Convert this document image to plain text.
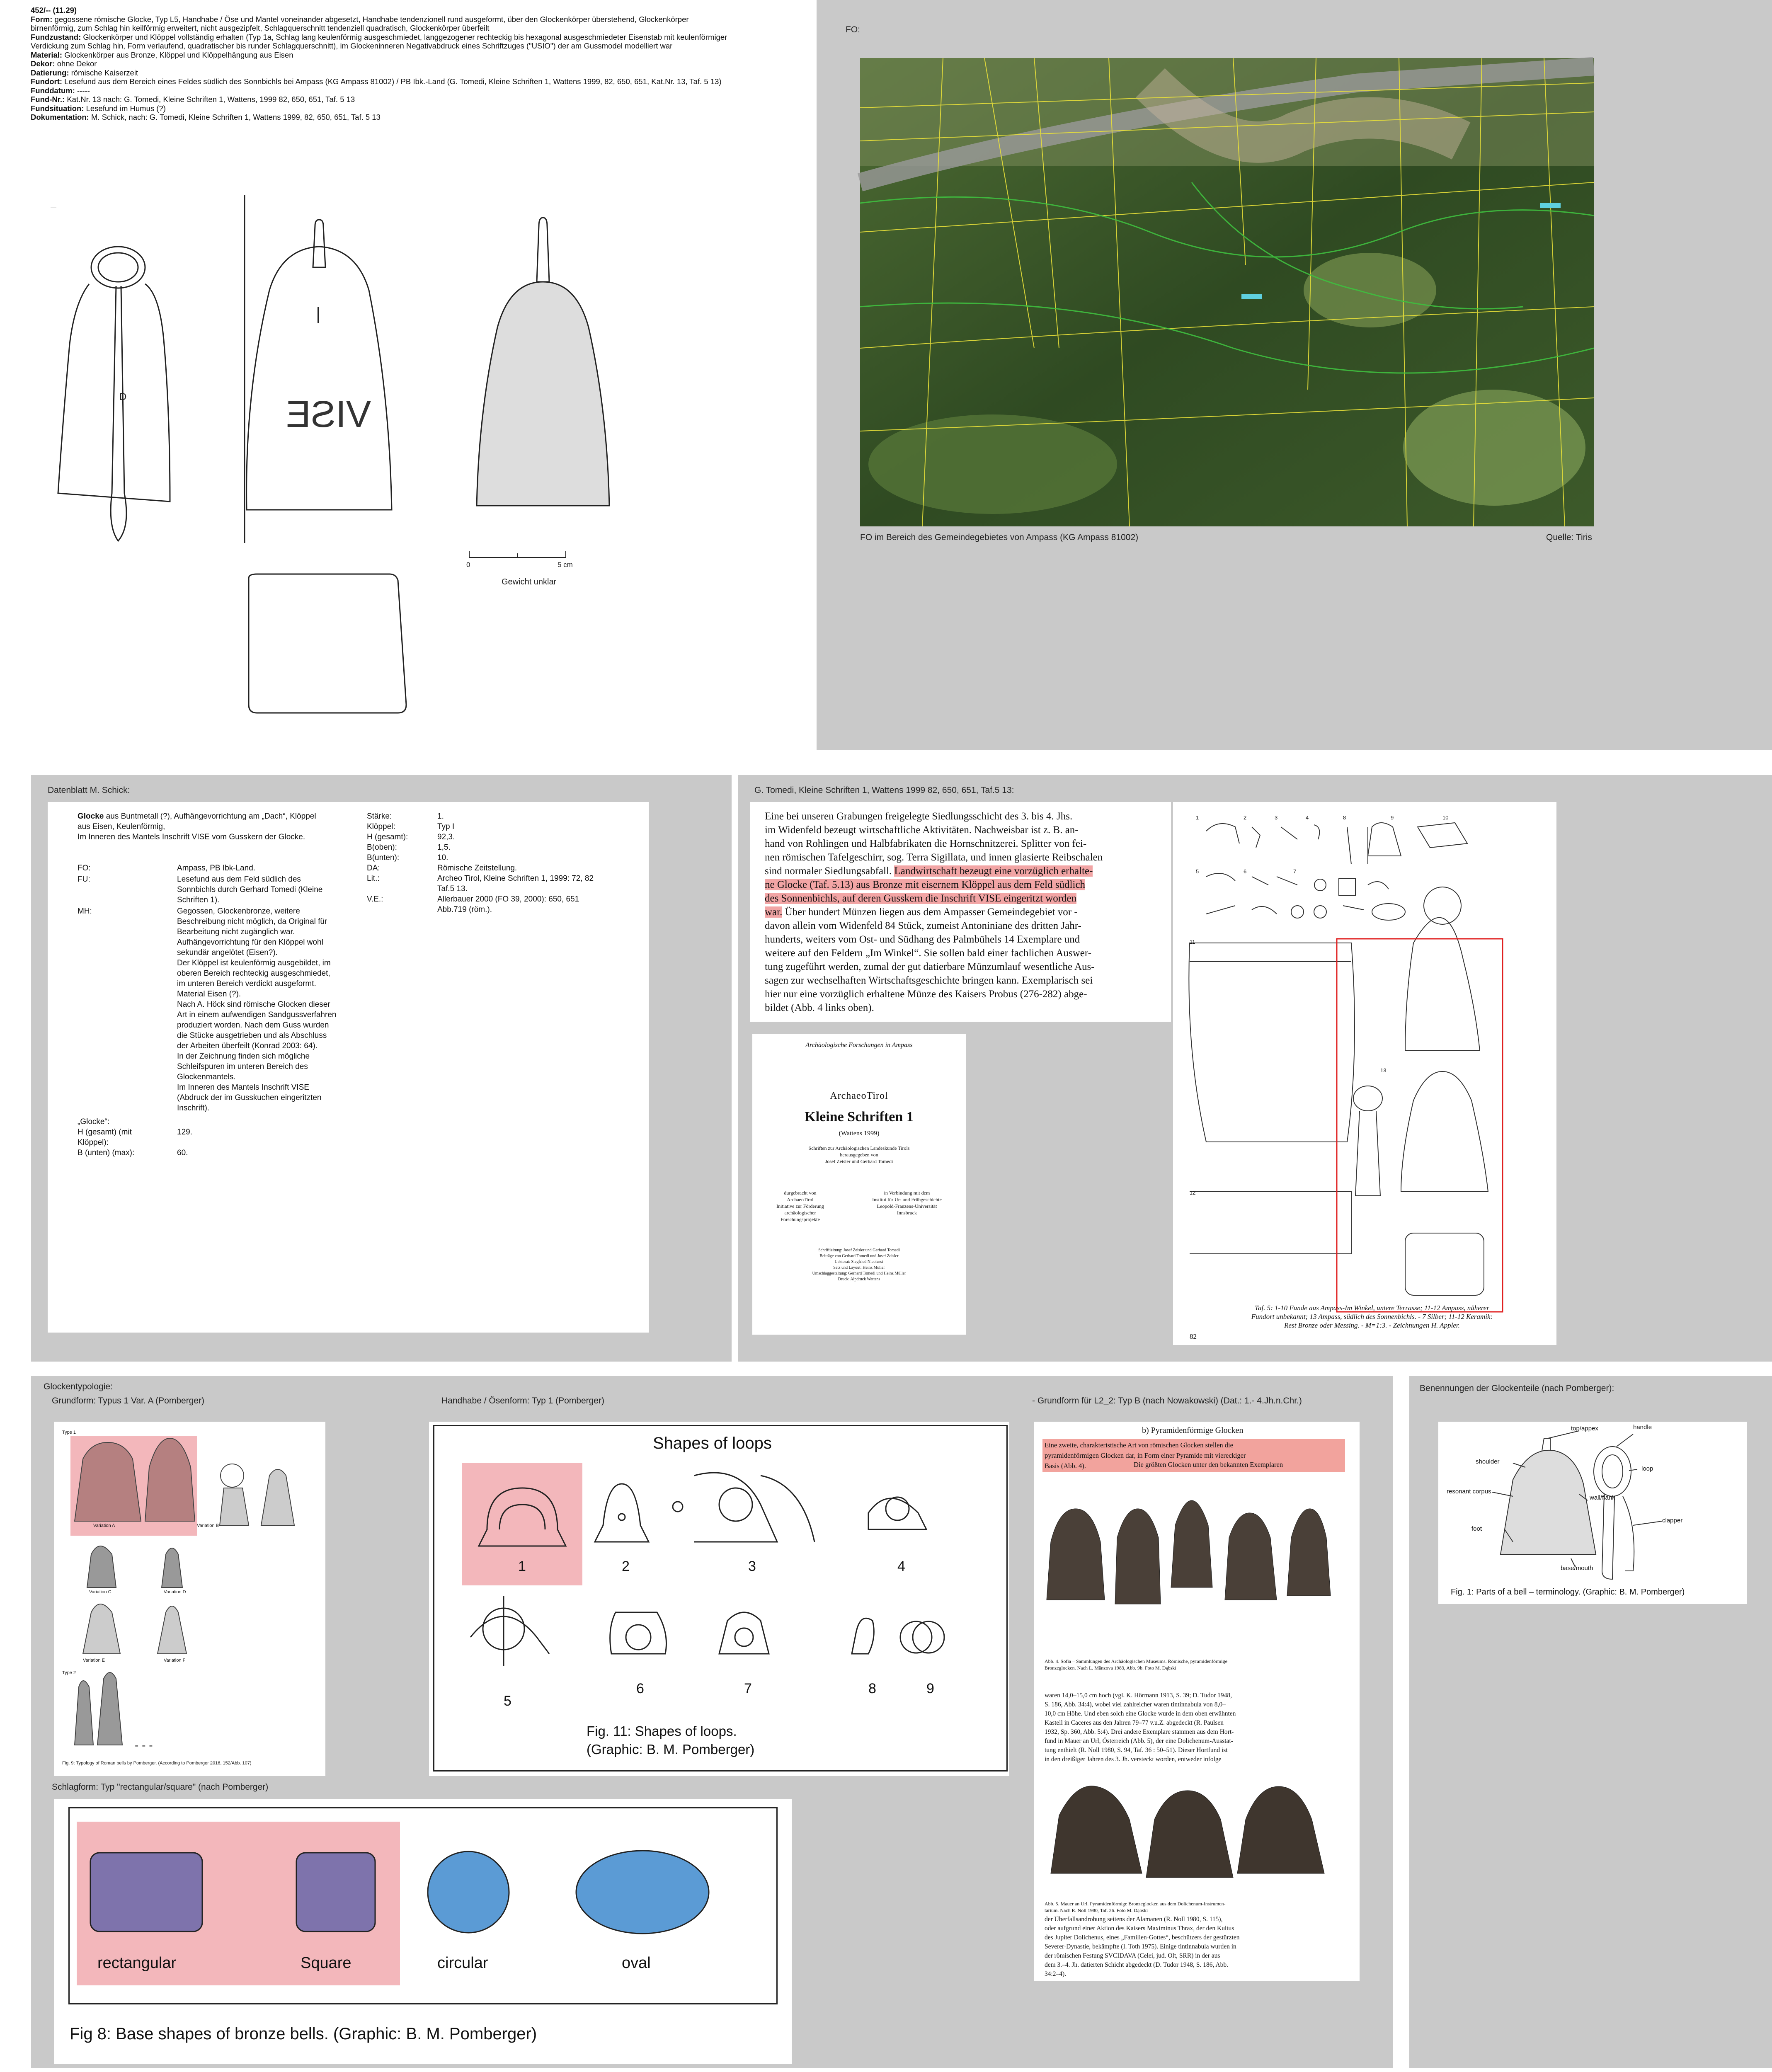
452/-- (11.29)
Form: gegossene römische Glocke, Typ L5, Handhabe / Öse und Mantel voneinander abgesetzt, Handhabe tendenzionell rund ausgeformt, über den Glockenkörper überstehend, Glockenkörper birnenförmig, zum Schlag hin keilförmig erweitert, nicht ausgezipfelt, Schlagquerschnitt tendenziell quadratisch, Glockenkörper überfeilt
Fundzustand: Glockenkörper und Klöppel vollständig erhalten (Typ 1a, Schlag lang keulenförmig ausgeschmiedet, langgezogener rechteckig bis hexagonal ausgeschmiedeter Eisenstab mit keulenförmiger Verdickung zum Schlag hin, Form verlaufend, quadratischer bis runder Schlagquerschnitt), im Glockeninneren Negativabdruck eines Schriftzuges ("USIO") der am Gussmodel modelliert war
Material: Glockenkörper aus Bronze, Klöppel und Klöppelhängung aus Eisen
Dekor: ohne Dekor
Datierung: römische Kaiserzeit
Fundort: Lesefund aus dem Bereich eines Feldes südlich des Sonnbichls bei Ampass (KG Ampass 81002) / PB Ibk.-Land (G. Tomedi, Kleine Schriften 1, Wattens 1999, 82, 650, 651, Kat.Nr. 13, Taf. 5 13)
Funddatum: -----
Fund-Nr.: Kat.Nr. 13 nach: G. Tomedi, Kleine Schriften 1, Wattens, 1999 82, 650, 651, Taf. 5 13
Fundsituation: Lesefund im Humus (?)
Dokumentation: M. Schick, nach: G. Tomedi, Kleine Schriften 1, Wattens 1999, 82, 650, 651, Taf. 5 13
—
D	VISE
0	5 cm
Gewicht unklar
FO:
FO im Bereich des Gemeindegebietes von Ampass (KG Ampass 81002)	Quelle: Tiris
Datenblatt M. Schick:
Glocke aus Buntmetall (?), Aufhängevorrichtung am „Dach“, Klöppel
aus Eisen, Keulenförmig,
Im Inneren des Mantels Inschrift VISE vom Gusskern der Glocke.
FO:	Ampass, PB Ibk-Land.
FU:	Lesefund aus dem Feld südlich des
Sonnbichls durch Gerhard Tomedi (Kleine
Schriften 1).
MH:	Gegossen, Glockenbronze, weitere
Beschreibung nicht möglich, da Original für
Bearbeitung nicht zugänglich war.
Aufhängevorrichtung für den Klöppel wohl
sekundär angelötet (Eisen?).
Der Klöppel ist keulenförmig ausgebildet, im
oberen Bereich rechteckig ausgeschmiedet,
im unteren Bereich verdickt ausgeformt.
Material Eisen (?).
Nach A. Höck sind römische Glocken dieser
Art in einem aufwendigen Sandgussverfahren
produziert worden. Nach dem Guss wurden
die Stücke ausgetrieben und als Abschluss
der Arbeiten überfeilt (Konrad 2003: 64).
In der Zeichnung finden sich mögliche
Schleifspuren im unteren Bereich des
Glockenmantels.
Im Inneren des Mantels Inschrift VISE
(Abdruck der im Gusskuchen eingeritzten
Inschrift).
„Glocke“:
H (gesamt) (mit	129.
Klöppel):
B (unten) (max):	60.
Stärke:	1.
Klöppel:	Typ I
H (gesamt):	92,3.
B(oben):	1,5.
B(unten):	10.
DA:	Römische Zeitstellung.
Lit.:	Archeo Tirol, Kleine Schriften 1, 1999: 72, 82
Taf.5 13.
V.E.:	Allerbauer 2000 (FO 39, 2000): 650, 651
Abb.719 (röm.).
G. Tomedi, Kleine Schriften 1, Wattens 1999 82, 650, 651, Taf.5 13:
Eine bei unseren Grabungen freigelegte Siedlungsschicht des 3. bis 4. Jhs.
im Widenfeld bezeugt wirtschaftliche Aktivitäten. Nachweisbar ist z. B. an-
hand von Rohlingen und Halbfabrikaten die Hornschnitzerei. Splitter von fei-
nen römischen Tafelgeschirr, sog. Terra Sigillata, und innen glasierte Reibschalen
sind normaler Siedlungsabfall. Landwirtschaft bezeugt eine vorzüglich erhalte-
ne Glocke (Taf. 5.13) aus Bronze mit eisernem Klöppel aus dem Feld südlich
des Sonnenbichls, auf deren Gusskern die Inschrift VISE eingeritzt worden
war. Über hundert Münzen liegen aus dem Ampasser Gemeindegebiet vor -
davon allein vom Widenfeld 84 Stück, zumeist Antoniniane des dritten Jahr-
hunderts, weiters vom Ost- und Südhang des Palmbühels 14 Exemplare und
weitere auf den Feldern „Im Winkel“. Sie sollen bald einer fachlichen Auswer-
tung zugeführt werden, zumal der gut datierbare Münzumlauf wesentliche Aus-
sagen zur wechselhaften Wirtschaftsgeschichte bringen kann. Exemplarisch sei
hier nur eine vorzüglich erhaltene Münze des Kaisers Probus (276-282) abge-
bildet (Abb. 4 links oben).
Archäologische Forschungen in Ampass
ArchaeoTirol
Kleine Schriften 1
(Wattens 1999)
Schriften zur Archäologischen Landeskunde Tirols
herausgegeben von
Josef Zeisler und Gerhard Tomedi
durgebracht von
ArchaeoTirol
Initiative zur Förderung
archäologischer
Forschungsprojekte
in Verbindung mit dem
Institut für Ur- und Frühgeschichte
Leopold-Franzens-Universität
Innsbruck
Schriftleitung: Josef Zeisler und Gerhard Tomedi
Beiträge von Gerhard Tomedi und Josef Zeisler
Lektorat: Siegfried Nicolussi
Satz und Layout: Heinz Müller
Umschlaggestaltung: Gerhard Tomedi und Heinz Müller
Druck: Alpdruck Wattens
Taf. 5: 1-10 Funde aus Ampass-Im Winkel, untere Terrasse; 11-12 Ampass, näherer
Fundort unbekannt; 13 Ampass, südlich des Sonnenbichls. - 7 Silber; 11-12 Keramik:
Rest Bronze oder Messing. - M=1:3. - Zeichnungen H. Appler.
82
1	2	3	4
5	6	7
8	9	10
11
12
13
Glockentypologie:
Grundform: Typus 1 Var. A (Pomberger)
- - -
Fig. 9: Typology of Roman bells by Pomberger. (According to Pomberger 2016, 152/Abb. 107)
Type 1
Variation A	Variation B
Variation C	Variation D
Variation E	Variation F
Type 2
Handhabe / Ösenform: Typ 1 (Pomberger)
Shapes of loops
Fig. 11: Shapes of loops.
(Graphic: B. M. Pomberger)
1	2	3	4
5
6	7	8	9
Schlagform: Typ "rectangular/square" (nach Pomberger)
rectangular	Square	circular	oval
Fig 8: Base shapes of bronze bells. (Graphic: B. M. Pomberger)
- Grundform für L2_2: Typ B (nach Nowakowski) (Dat.: 1.- 4.Jh.n.Chr.)
b) Pyramidenförmige Glocken
Eine zweite, charakteristische Art von römischen Glocken stellen die
pyramidenförmigen Glocken dar, in Form einer Pyramide mit viereckiger
Basis (Abb. 4).	Die größten Glocken unter den bekannten Exemplaren
Abb. 4. Sofia – Sammlungen des Archäologischen Museums. Römische, pyramidenförmige
Bronzeglocken. Nach L. Mănzova 1983, Abb. 9b. Foto M. Dąbski
waren 14,0–15,0 cm hoch (vgl. K. Hörmann 1913, S. 39; D. Tudor 1948,
S. 186, Abb. 34:4), wobei viel zahlreicher waren tintinnabula von 8,0–
10,0 cm Höhe. Und eben solch eine Glocke wurde in dem oben erwähnten
Kastell in Caceres aus den Jahren 79–77 v.u.Z. abgedeckt (R. Paulsen
1932, Sp. 360, Abb. 5:4). Drei andere Exemplare stammen aus dem Hort-
fund in Mauer an Url, Österreich (Abb. 5), der eine Dolichenum-Ausstat-
tung enthielt (R. Noll 1980, S. 94, Taf. 36 : 50–51). Dieser Hortfund ist
in den dreißiger Jahren des 3. Jh. versteckt worden, entweder infolge
Abb. 5. Mauer an Url. Pyramidenförmige Bronzeglocken aus dem Dolichenum-Instrumen-
tarium. Nach R. Noll 1980, Taf. 36. Foto M. Dąbski
der Überfallsandrohung seitens der Alamanen (R. Noll 1980, S. 115),
oder aufgrund einer Aktion des Kaisers Maximinus Thrax, der den Kultus
des Jupiter Dolichenus, eines „Familien-Gottes“, beschützers der gestürzten
Severer-Dynastie, bekämpfte (I. Toth 1975). Einige tintinnabula wurden in
der römischen Festung SVCIDAVA (Celei, jud. Olt, SRR) in der aus
dem 3.–4. Jh. datierten Schicht abgedeckt (D. Tudor 1948, S. 186, Abb.
34:2–4).
Benennungen der Glockenteile (nach Pomberger):
Fig. 1: Parts of a bell – terminology. (Graphic: B. M. Pomberger)
handle
top/appex
shoulder
loop
resonant corpus
wall/flank
clapper
foot
base/mouth
